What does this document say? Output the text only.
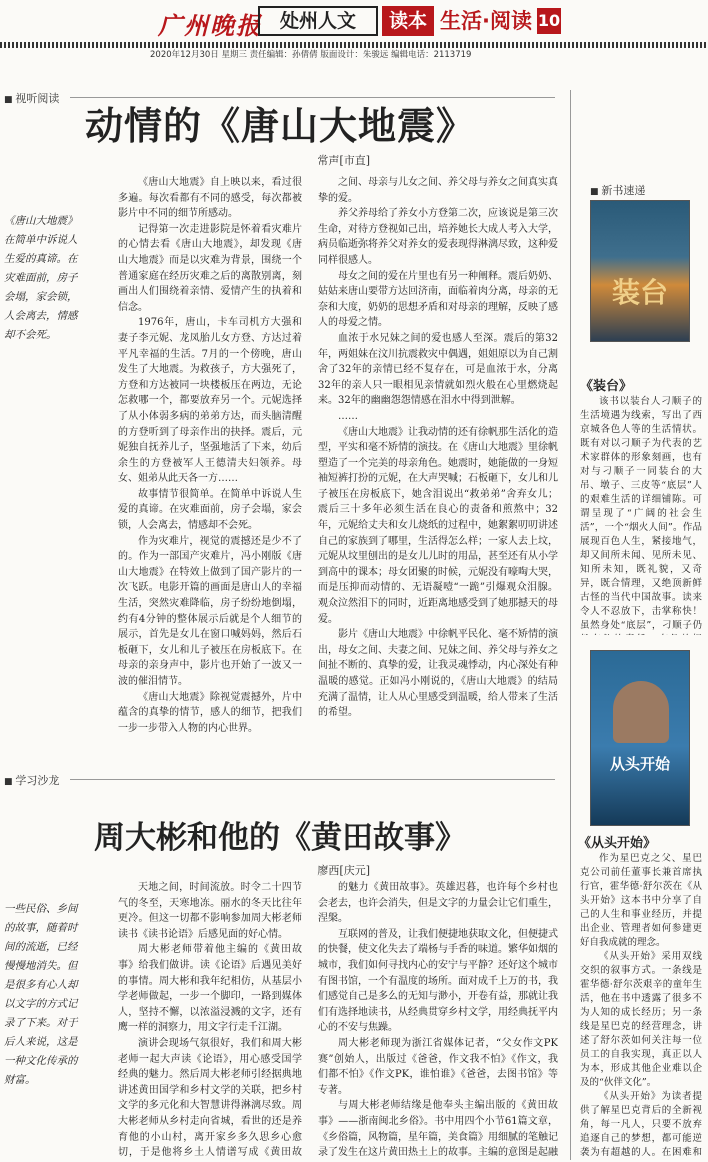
广州晚报 处州人文	读本 生活·阅读 10
2020年12月30日 星期三 责任编辑：孙倩倩 版面设计：朱骏远 编辑电话：2113719
■ 视听阅读
动情的《唐山大地震》
常声[市直]
《唐山大地震》在简单中诉说人生爱的真谛。在灾难面前，房子会塌，家会锁，人会离去，情感却不会死。

《唐山大地震》自上映以来，看过很多遍。每次看都有不同的感受，每次都被影片中不同的细节所感动。

记得第一次走进影院是怀着看灾难片的心情去看《唐山大地震》，却发现《唐山大地震》而是以灾难为背景，围绕一个普通家庭在经历灾难之后的离散别离，刻画出人们围绕着亲情、爱情产生的执着和信念。

1976年，唐山，卡车司机方大强和妻子李元妮、龙凤胎儿女方登、方达过着平凡幸福的生活。7月的一个傍晚，唐山发生了大地震。为救孩子，方大强死了，方登和方达被同一块楼板压在两边，无论怎救哪一个，都要放弃另一个。元妮选择了从小体弱多病的弟弟方达，而头脑清醒的方登听到了母亲作出的抉择。震后，元妮独自抚养儿子，坚强地活了下来，幼后余生的方登被军人王德清夫妇领养。母女、姐弟从此天各一方……

故事情节很简单。在简单中诉说人生爱的真谛。在灾难面前，房子会塌，家会锁，人会离去，情感却不会死。

作为灾难片，视觉的震撼还是少不了的。作为一部国产灾难片，冯小刚版《唐山大地震》在特效上做到了国产影片的一次飞跃。电影开篇的画面是唐山人的幸福生活，突然灾难降临，房子纷纷地倒塌，约有4分钟的整体展示后就是个人细节的展示，首先是女儿在窗口喊妈妈，然后石板砸下，女儿和儿子被压在房板底下。在母亲的亲身声中，影片也开始了一波又一波的催泪情节。

《唐山大地震》除视觉震撼外，片中蕴含的真挚的情节，感人的细节，把我们一步一步带入人物的内心世界。

之间、母亲与儿女之间、养父母与养女之间真实真挚的爱。

养父养母给了养女小方登第二次，应该说是第三次生命，对待方登视如己出，培养她长大成人考入大学，病员临逝弥将养父对养女的爱表现得淋漓尽致，这种爱同样很感人。

母女之间的爱在片里也有另一种阐释。震后奶奶、姑姑来唐山要带方达回济南，面临着肉分离，母亲的无奈和大度，奶奶的思想矛盾和对母亲的理解，反映了感人的母爱之情。

血浓于水兄妹之间的爱也感人至深。震后的第32年，两姐妹在汶川抗震救灾中偶遇，姐姐原以为自己割舍了32年的亲情已经不复存在，可是血浓于水，分离32年的亲人只一眼相见亲情就如烈火般在心里燃烧起来。32年的幽幽怨怨情感在泪水中得到泄解。

……

《唐山大地震》让我动情的还有徐帆那生活化的造型，平实和毫不矫情的演技。在《唐山大地震》里徐帆塑造了一个完美的母亲角色。她震时，她能做的一身短袖短裤打扮的元妮，在大声哭喊；石板砸下，女儿和儿子被压在房板底下，她含泪说出“救弟弟”舍弃女儿；震后三十多年必须生活在良心的责备和煎熬中；32年，元妮给丈夫和女儿烧纸的过程中，她絮絮叨叨讲述自己的家族到了哪里，生活得怎么样；一家人去上坟，元妮从坟里刨出的是女儿儿时的用品，甚至还有从小学到高中的课本；母女团聚的时候，元妮没有嚎啕大哭，而是压抑而动情的、无语凝噎“一跪”引爆观众泪腺。观众泣然泪下的同时，近距离地感受到了她那撼天的母爱。

影片《唐山大地震》中徐帆平民化、毫不矫情的演出，母女之间、夫妻之间、兄妹之间、养父母与养女之间扯不断的、真挚的爱，让我灵魂悸动，内心深处有种温暖的感觉。正如冯小刚说的，《唐山大地震》的结局充满了温情，让人从心里感受到温暖，给人带来了生活的希望。

■ 新书速递
装台
《装台》

该书以装台人刁顺子的生活境遇为线索，写出了西京城各色人等的生活情状。既有对以刁顺子为代表的艺术家群体的形象刻画，也有对与刁顺子一同装台的大吊、墩子、三皮等“底层”人的艰难生活的详细铺陈。可谓呈现了“广阔的社会生活”，一个“烟火人间”。作品展现百色人生，紧接地气，却又间所未闻、见所未见、知所未知，既礼貌，又奇异，既合情理，又绝顶新鲜古怪的当代中国故事。读来令人不忍放下，击掌称快！虽然身处“底层”，刁顺子仍

从头开始
《从头开始》

作为星巴克之父、星巴克公司前任董事长兼首席执行官，霍华德·舒尔茨在《从头开始》这本书中分享了自己的人生和事业经历，并提出企业、管理者如何参建更好自我成就的理念。

《从头开始》采用双线交织的叙事方式。一条线是霍华德·舒尔茨艰辛的童年生活，他在书中透露了很多不为人知的成长经历；另一条线是星巴克的经营理念，讲述了舒尔茨如何关注每一位员工的自我实现，真正以人为本，形成其他企业难以企及的“伙伴文化”。

《从头开始》为读者提供了解星巴克背后的全新视角，每一凡人，只要不放弃追逐自己的梦想，都可能逆袭为有超越的人。在困难和

■ 学习沙龙
周大彬和他的《黄田故事》
廖西[庆元]
一些民俗、乡间的故事，随着时间的流逝，已经慢慢地消失。但是很多有心人却以文字的方式记录了下来。对于后人来说，这是一种文化传承的财富。

天地之间，时间流放。时令二十四节气的冬至，天寒地冻。丽水的冬天比往年更冷。但这一切都不影响参加周大彬老师读书《读书论语》后感见面的好心情。

周大彬老师带着他主编的《黄田故事》给我们做讲。读《论语》后遇见美好的事情。周大彬和我年纪相仿，从基层小学老师做起，一步一个脚印，一路到媒体人，坚持不懈，以浓溢浸溅的文字，还有鹰一样的洞察力，用文字行走千江湖。

演讲会现场气氛很好，我们和周大彬老师一起大声读《论语》，用心感受国学经典的魅力。然后周大彬老师引经据典地讲述黄田国学和乡村文学的关联，把乡村文学的多元化和大智慧讲得淋漓尽致。周大彬老师从乡村走向省城，看世的还是养育他的小山村，离开家乡多久思乡心愈切，于是他将乡土人情谱写成《黄田故

的魅力《黄田故事》。英雄迟暮，也许每个乡村也会老去，也许会消失，但是文字的力量会让它们重生，涅槃。

互联网的普及，让我们便捷地获取文化，但便捷式的快餐，使文化失去了端杨与手香的味道。繁华如烟的城市，我们如何寻找内心的安宁与平静？还好这个城市有图书馆，一个有温度的场所。面对成千上万的书，我们感觉自己是多么的无知与渺小，开卷有益，那就让我们有选择地读书，从经典贯穿乡村文学，用经典抚平内心的不安与焦躁。

周大彬老师现为浙江省媒体记者，“父女作文PK赛”创始人，出版过《爸爸，作文我不怕》《作文，我们都不怕》《作文PK，谁怕谁》《爸爸，去图书馆》等专著。

与周大彬老师结缘是他奉头主编出版的《黄田故事》——浙南闽北乡俗》。书中用四个小节61篇文章，《乡俗篇，风物篇，星年篇，美食篇》用细腻的笔触记录了发生在这片黄田热土上的故事。主编的意图是起融
